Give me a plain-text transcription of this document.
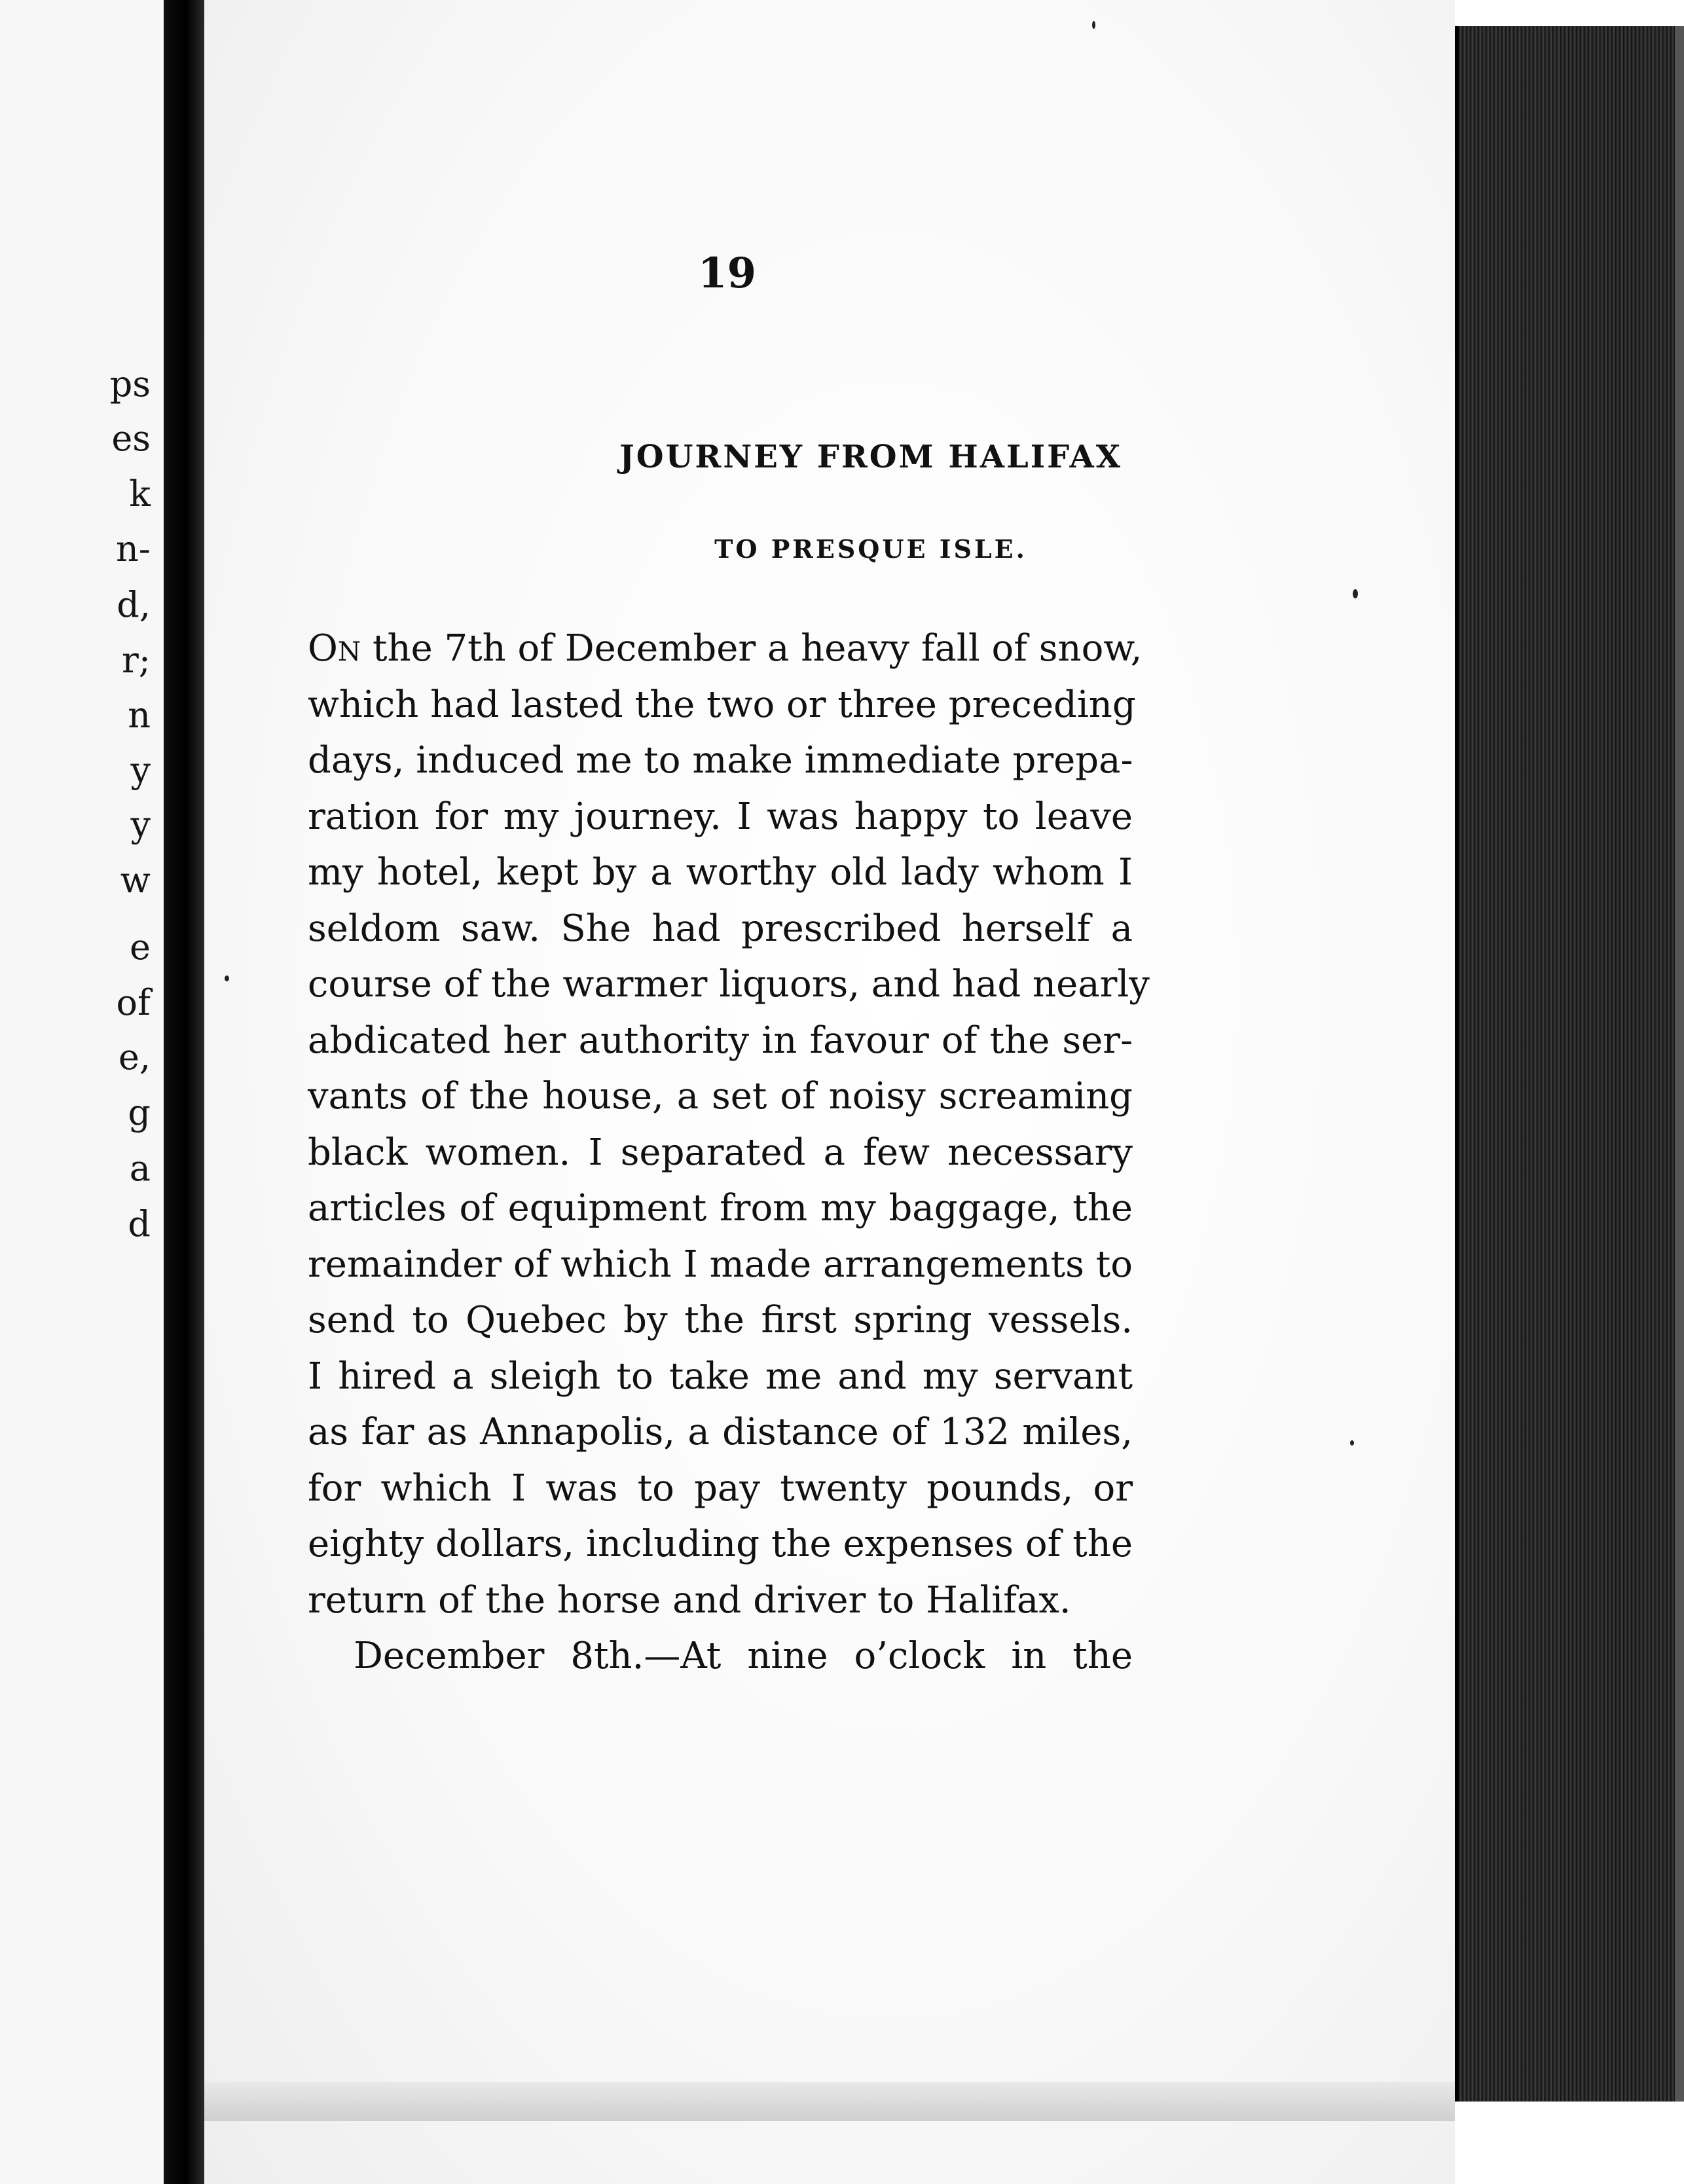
ps
es
k
n-
d,
r;
n
y
y
w
e
of
e,
g
a
d
19
JOURNEY FROM HALIFAX
TO PRESQUE ISLE.
ON the 7th of December a heavy fall of snow,
which had lasted the two or three preceding
days, induced me to make immediate prepa-
ration for my journey. I was happy to leave
my hotel, kept by a worthy old lady whom I
seldom saw. She had prescribed herself a
course of the warmer liquors, and had nearly
abdicated her authority in favour of the ser-
vants of the house, a set of noisy screaming
black women. I separated a few necessary
articles of equipment from my baggage, the
remainder of which I made arrangements to
send to Quebec by the first spring vessels.
I hired a sleigh to take me and my servant
as far as Annapolis, a distance of 132 miles,
for which I was to pay twenty pounds, or
eighty dollars, including the expenses of the
return of the horse and driver to Halifax.
December 8th.—At nine o’clock in the
